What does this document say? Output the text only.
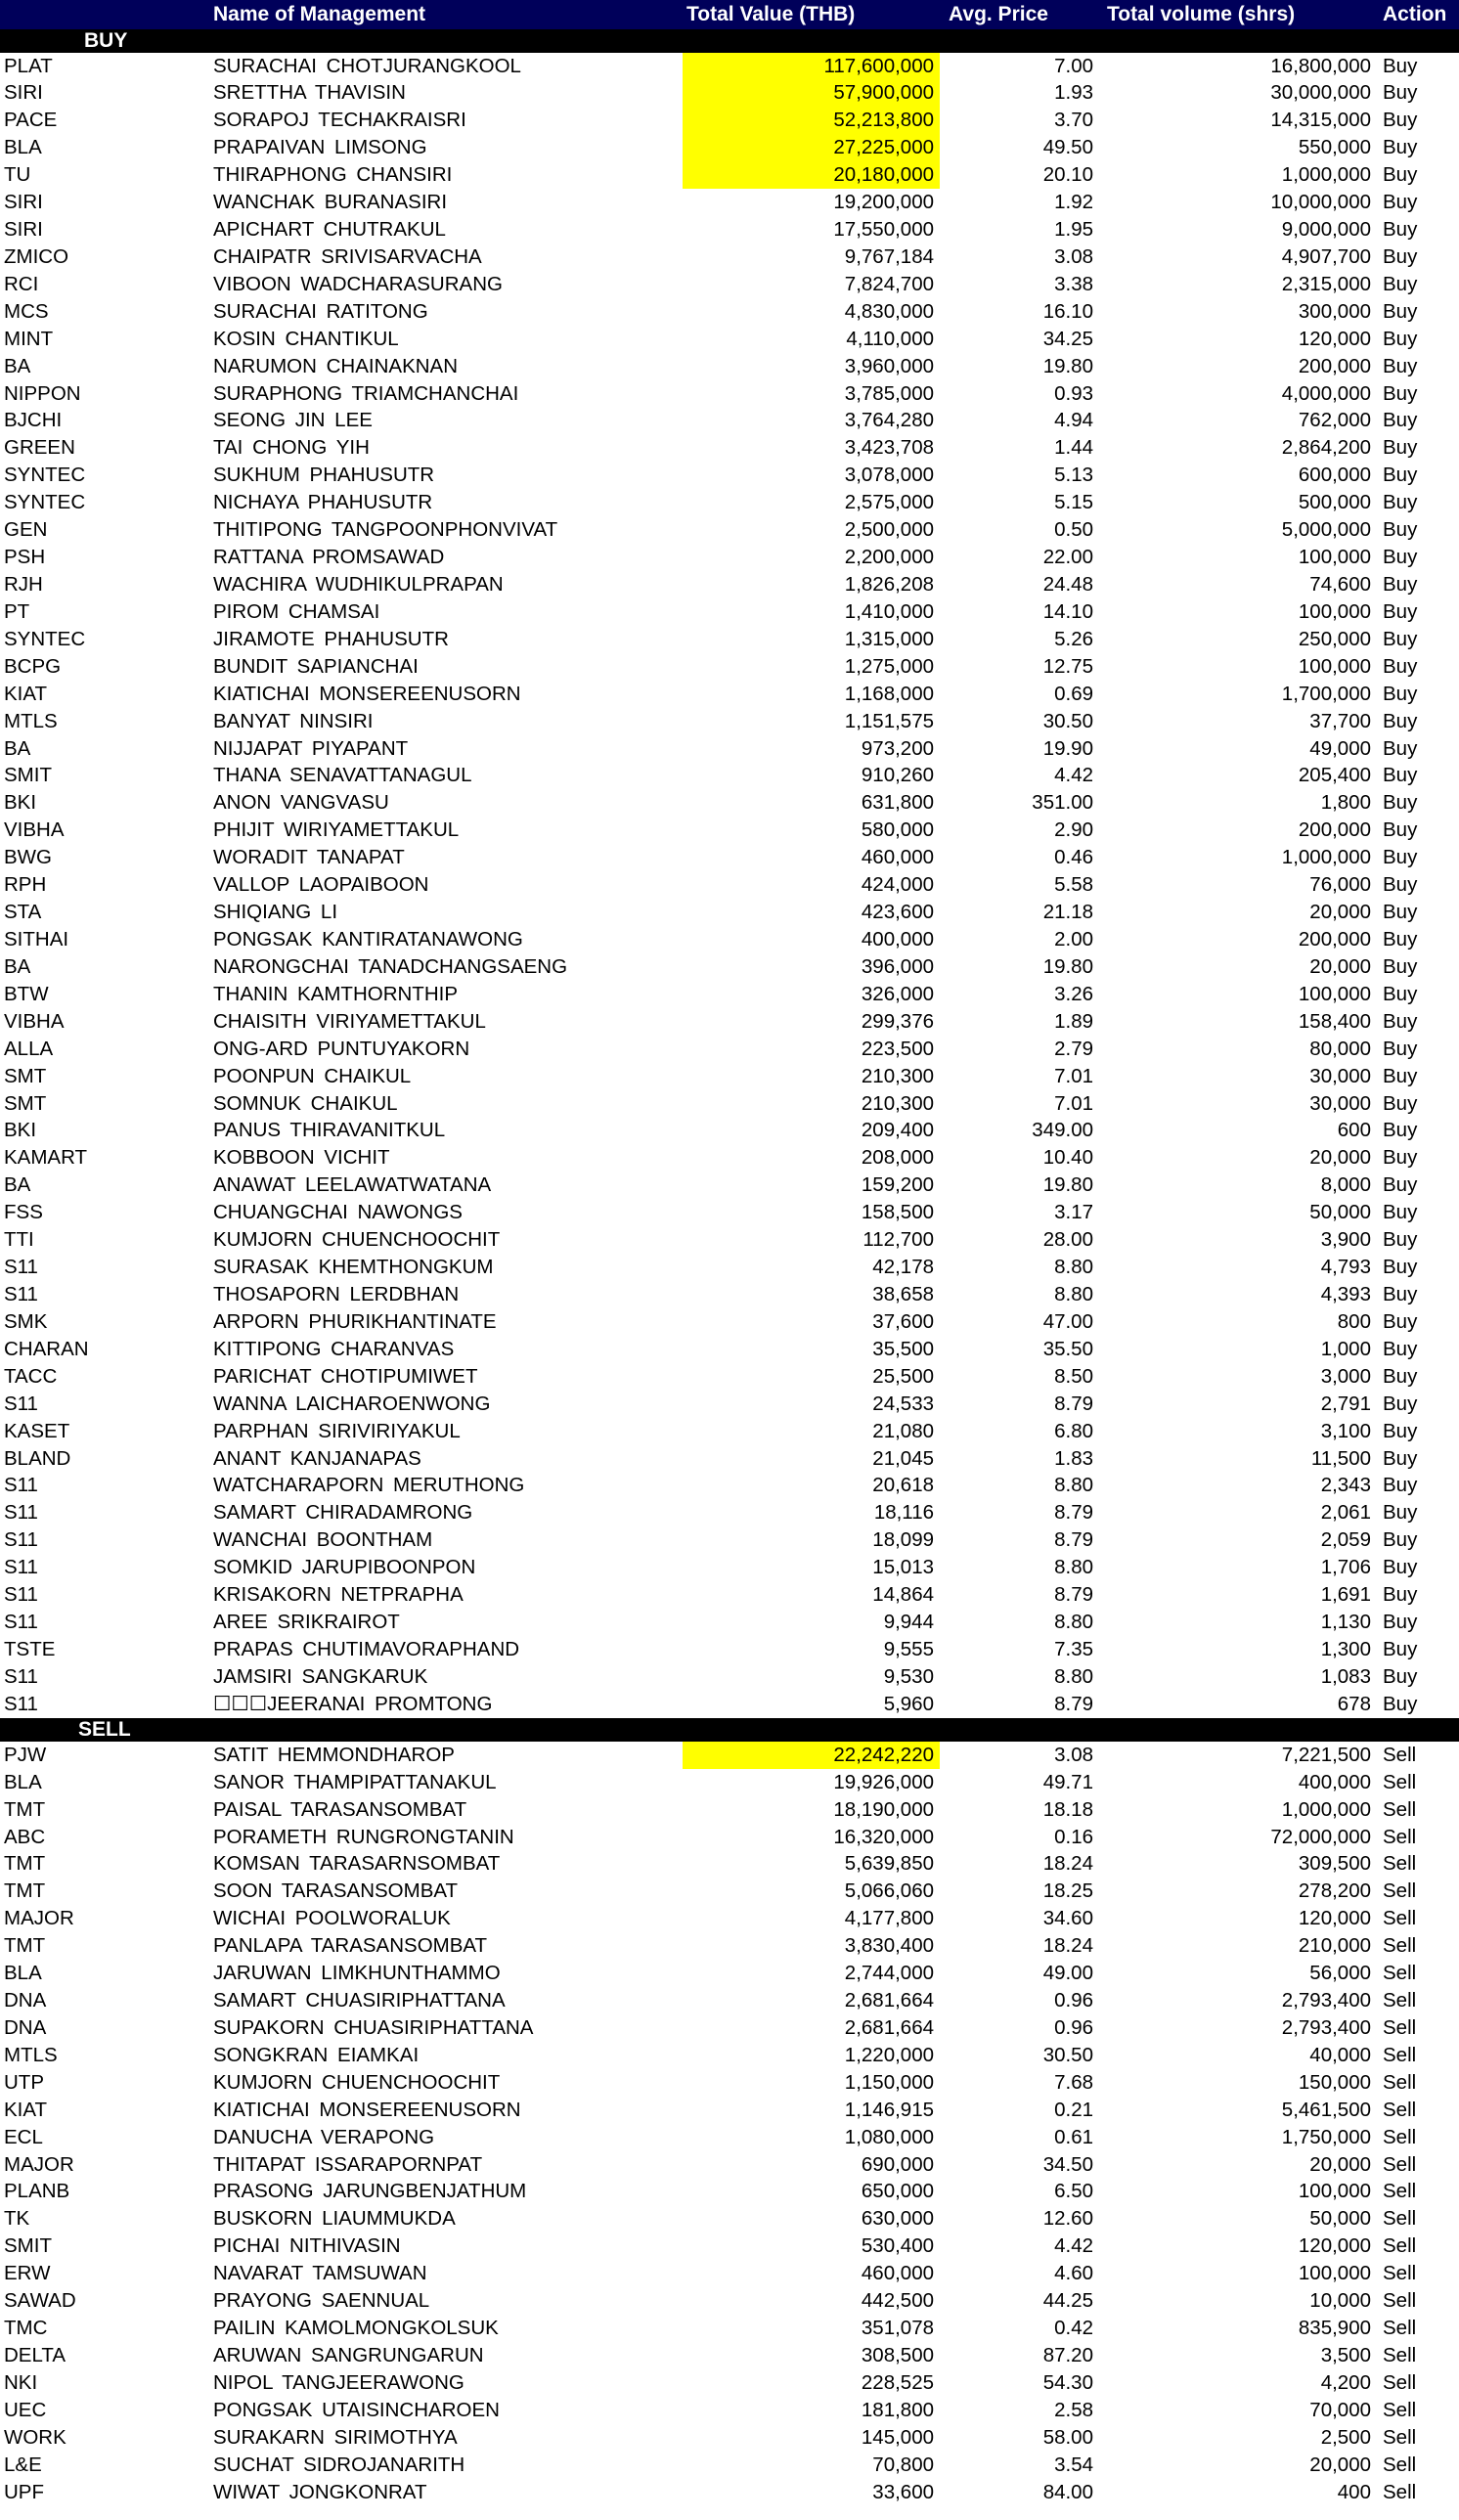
Name of Management	Total Value (THB)	Avg. Price	Total volume (shrs)	Action
BUY
PLAT	SURACHAI CHOTJURANGKOOL	117,600,000	7.00	16,800,000 Buy
SIRI	SRETTHA THAVISIN	57,900,000	1.93	30,000,000 Buy
PACE	SORAPOJ TECHAKRAISRI	52,213,800	3.70	14,315,000 Buy
BLA	PRAPAIVAN LIMSONG	27,225,000	49.50	550,000 Buy
TU	THIRAPHONG CHANSIRI	20,180,000	20.10	1,000,000 Buy
SIRI	WANCHAK BURANASIRI	19,200,000	1.92	10,000,000 Buy
SIRI	APICHART CHUTRAKUL	17,550,000	1.95	9,000,000 Buy
ZMICO	CHAIPATR SRIVISARVACHA	9,767,184	3.08	4,907,700 Buy
RCI	VIBOON WADCHARASURANG	7,824,700	3.38	2,315,000 Buy
MCS	SURACHAI RATITONG	4,830,000	16.10	300,000 Buy
MINT	KOSIN CHANTIKUL	4,110,000	34.25	120,000 Buy
BA	NARUMON CHAINAKNAN	3,960,000	19.80	200,000 Buy
NIPPON	SURAPHONG TRIAMCHANCHAI	3,785,000	0.93	4,000,000 Buy
BJCHI	SEONG JIN LEE	3,764,280	4.94	762,000 Buy
GREEN	TAI CHONG YIH	3,423,708	1.44	2,864,200 Buy
SYNTEC	SUKHUM PHAHUSUTR	3,078,000	5.13	600,000 Buy
SYNTEC	NICHAYA PHAHUSUTR	2,575,000	5.15	500,000 Buy
GEN	THITIPONG TANGPOONPHONVIVAT	2,500,000	0.50	5,000,000 Buy
PSH	RATTANA PROMSAWAD	2,200,000	22.00	100,000 Buy
RJH	WACHIRA WUDHIKULPRAPAN	1,826,208	24.48	74,600 Buy
PT	PIROM CHAMSAI	1,410,000	14.10	100,000 Buy
SYNTEC	JIRAMOTE PHAHUSUTR	1,315,000	5.26	250,000 Buy
BCPG	BUNDIT SAPIANCHAI	1,275,000	12.75	100,000 Buy
KIAT	KIATICHAI MONSEREENUSORN	1,168,000	0.69	1,700,000 Buy
MTLS	BANYAT NINSIRI	1,151,575	30.50	37,700 Buy
BA	NIJJAPAT PIYAPANT	973,200	19.90	49,000 Buy
SMIT	THANA SENAVATTANAGUL	910,260	4.42	205,400 Buy
BKI	ANON VANGVASU	631,800	351.00	1,800 Buy
VIBHA	PHIJIT WIRIYAMETTAKUL	580,000	2.90	200,000 Buy
BWG	WORADIT TANAPAT	460,000	0.46	1,000,000 Buy
RPH	VALLOP LAOPAIBOON	424,000	5.58	76,000 Buy
STA	SHIQIANG LI	423,600	21.18	20,000 Buy
SITHAI	PONGSAK KANTIRATANAWONG	400,000	2.00	200,000 Buy
BA	NARONGCHAI TANADCHANGSAENG	396,000	19.80	20,000 Buy
BTW	THANIN KAMTHORNTHIP	326,000	3.26	100,000 Buy
VIBHA	CHAISITH VIRIYAMETTAKUL	299,376	1.89	158,400 Buy
ALLA	ONG-ARD PUNTUYAKORN	223,500	2.79	80,000 Buy
SMT	POONPUN CHAIKUL	210,300	7.01	30,000 Buy
SMT	SOMNUK CHAIKUL	210,300	7.01	30,000 Buy
BKI	PANUS THIRAVANITKUL	209,400	349.00	600 Buy
KAMART	KOBBOON VICHIT	208,000	10.40	20,000 Buy
BA	ANAWAT LEELAWATWATANA	159,200	19.80	8,000 Buy
FSS	CHUANGCHAI NAWONGS	158,500	3.17	50,000 Buy
TTI	KUMJORN CHUENCHOOCHIT	112,700	28.00	3,900 Buy
S11	SURASAK KHEMTHONGKUM	42,178	8.80	4,793 Buy
S11	THOSAPORN LERDBHAN	38,658	8.80	4,393 Buy
SMK	ARPORN PHURIKHANTINATE	37,600	47.00	800 Buy
CHARAN	KITTIPONG CHARANVAS	35,500	35.50	1,000 Buy
TACC	PARICHAT CHOTIPUMIWET	25,500	8.50	3,000 Buy
S11	WANNA LAICHAROENWONG	24,533	8.79	2,791 Buy
KASET	PARPHAN SIRIVIRIYAKUL	21,080	6.80	3,100 Buy
BLAND	ANANT KANJANAPAS	21,045	1.83	11,500 Buy
S11	WATCHARAPORN MERUTHONG	20,618	8.80	2,343 Buy
S11	SAMART CHIRADAMRONG	18,116	8.79	2,061 Buy
S11	WANCHAI BOONTHAM	18,099	8.79	2,059 Buy
S11	SOMKID JARUPIBOONPON	15,013	8.80	1,706 Buy
S11	KRISAKORN NETPRAPHA	14,864	8.79	1,691 Buy
S11	AREE SRIKRAIROT	9,944	8.80	1,130 Buy
TSTE	PRAPAS CHUTIMAVORAPHAND	9,555	7.35	1,300 Buy
S11	JAMSIRI SANGKARUK	9,530	8.80	1,083 Buy
S11	☐☐☐JEERANAI PROMTONG	5,960	8.79	678 Buy
SELL
PJW	SATIT HEMMONDHAROP	22,242,220	3.08	7,221,500 Sell
BLA	SANOR THAMPIPATTANAKUL	19,926,000	49.71	400,000 Sell
TMT	PAISAL TARASANSOMBAT	18,190,000	18.18	1,000,000 Sell
ABC	PORAMETH RUNGRONGTANIN	16,320,000	0.16	72,000,000 Sell
TMT	KOMSAN TARASARNSOMBAT	5,639,850	18.24	309,500 Sell
TMT	SOON TARASANSOMBAT	5,066,060	18.25	278,200 Sell
MAJOR	WICHAI POOLWORALUK	4,177,800	34.60	120,000 Sell
TMT	PANLAPA TARASANSOMBAT	3,830,400	18.24	210,000 Sell
BLA	JARUWAN LIMKHUNTHAMMO	2,744,000	49.00	56,000 Sell
DNA	SAMART CHUASIRIPHATTANA	2,681,664	0.96	2,793,400 Sell
DNA	SUPAKORN CHUASIRIPHATTANA	2,681,664	0.96	2,793,400 Sell
MTLS	SONGKRAN EIAMKAI	1,220,000	30.50	40,000 Sell
UTP	KUMJORN CHUENCHOOCHIT	1,150,000	7.68	150,000 Sell
KIAT	KIATICHAI MONSEREENUSORN	1,146,915	0.21	5,461,500 Sell
ECL	DANUCHA VERAPONG	1,080,000	0.61	1,750,000 Sell
MAJOR	THITAPAT ISSARAPORNPAT	690,000	34.50	20,000 Sell
PLANB	PRASONG JARUNGBENJATHUM	650,000	6.50	100,000 Sell
TK	BUSKORN LIAUMMUKDA	630,000	12.60	50,000 Sell
SMIT	PICHAI NITHIVASIN	530,400	4.42	120,000 Sell
ERW	NAVARAT TAMSUWAN	460,000	4.60	100,000 Sell
SAWAD	PRAYONG SAENNUAL	442,500	44.25	10,000 Sell
TMC	PAILIN KAMOLMONGKOLSUK	351,078	0.42	835,900 Sell
DELTA	ARUWAN SANGRUNGARUN	308,500	87.20	3,500 Sell
NKI	NIPOL TANGJEERAWONG	228,525	54.30	4,200 Sell
UEC	PONGSAK UTAISINCHAROEN	181,800	2.58	70,000 Sell
WORK	SURAKARN SIRIMOTHYA	145,000	58.00	2,500 Sell
L&E	SUCHAT SIDROJANARITH	70,800	3.54	20,000 Sell
UPF	WIWAT JONGKONRAT	33,600	84.00	400 Sell
